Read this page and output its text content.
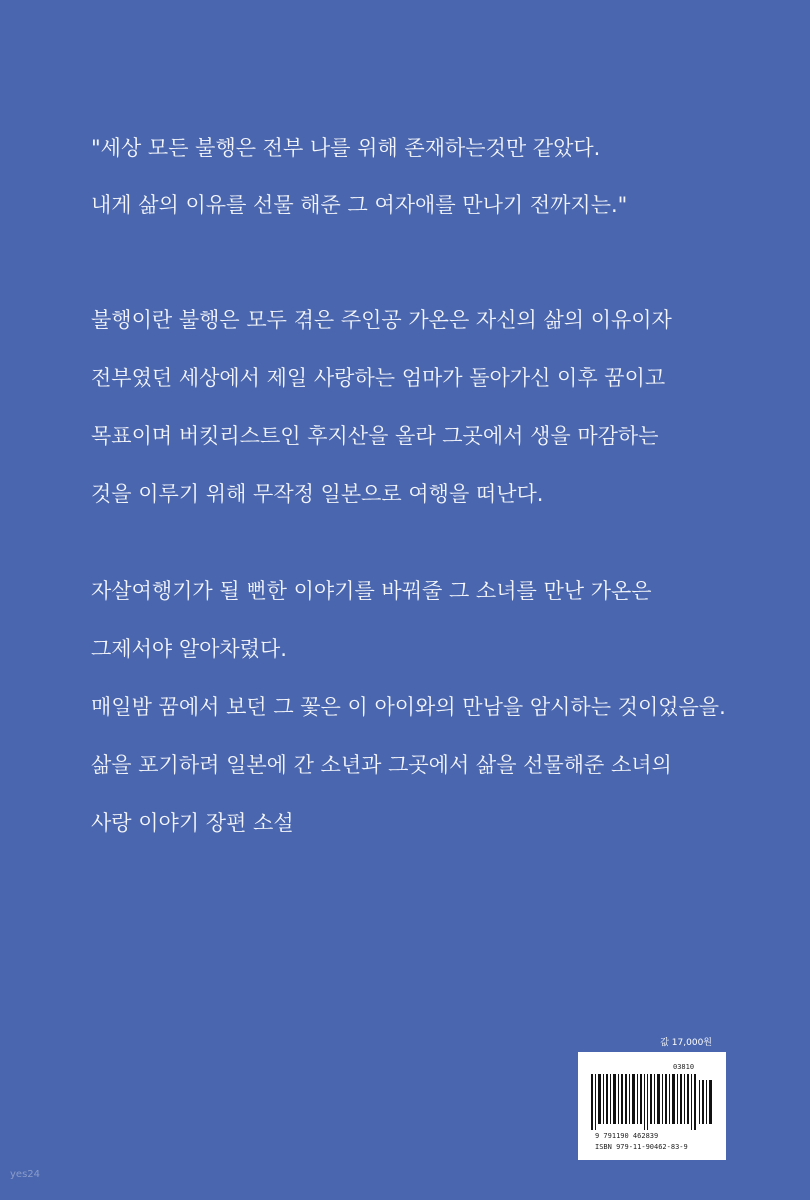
"세상 모든 불행은 전부 나를 위해 존재하는것만 같았다.
내게 삶의 이유를 선물 해준 그 여자애를 만나기 전까지는."
불행이란 불행은 모두 겪은 주인공 가온은 자신의 삶의 이유이자
전부였던 세상에서 제일 사랑하는 엄마가 돌아가신 이후 꿈이고
목표이며 버킷리스트인 후지산을 올라 그곳에서 생을 마감하는
것을 이루기 위해 무작정 일본으로 여행을 떠난다.
자살여행기가 될 뻔한 이야기를 바꿔줄 그 소녀를 만난 가온은
그제서야 알아차렸다.
매일밤 꿈에서 보던 그 꽃은 이 아이와의 만남을 암시하는 것이었음을.
삶을 포기하려 일본에 간 소년과 그곳에서 삶을 선물해준 소녀의
사랑 이야기 장편 소설
값 17,000원
03810
9 791190 462839
ISBN 979-11-90462-83-9
yes24
